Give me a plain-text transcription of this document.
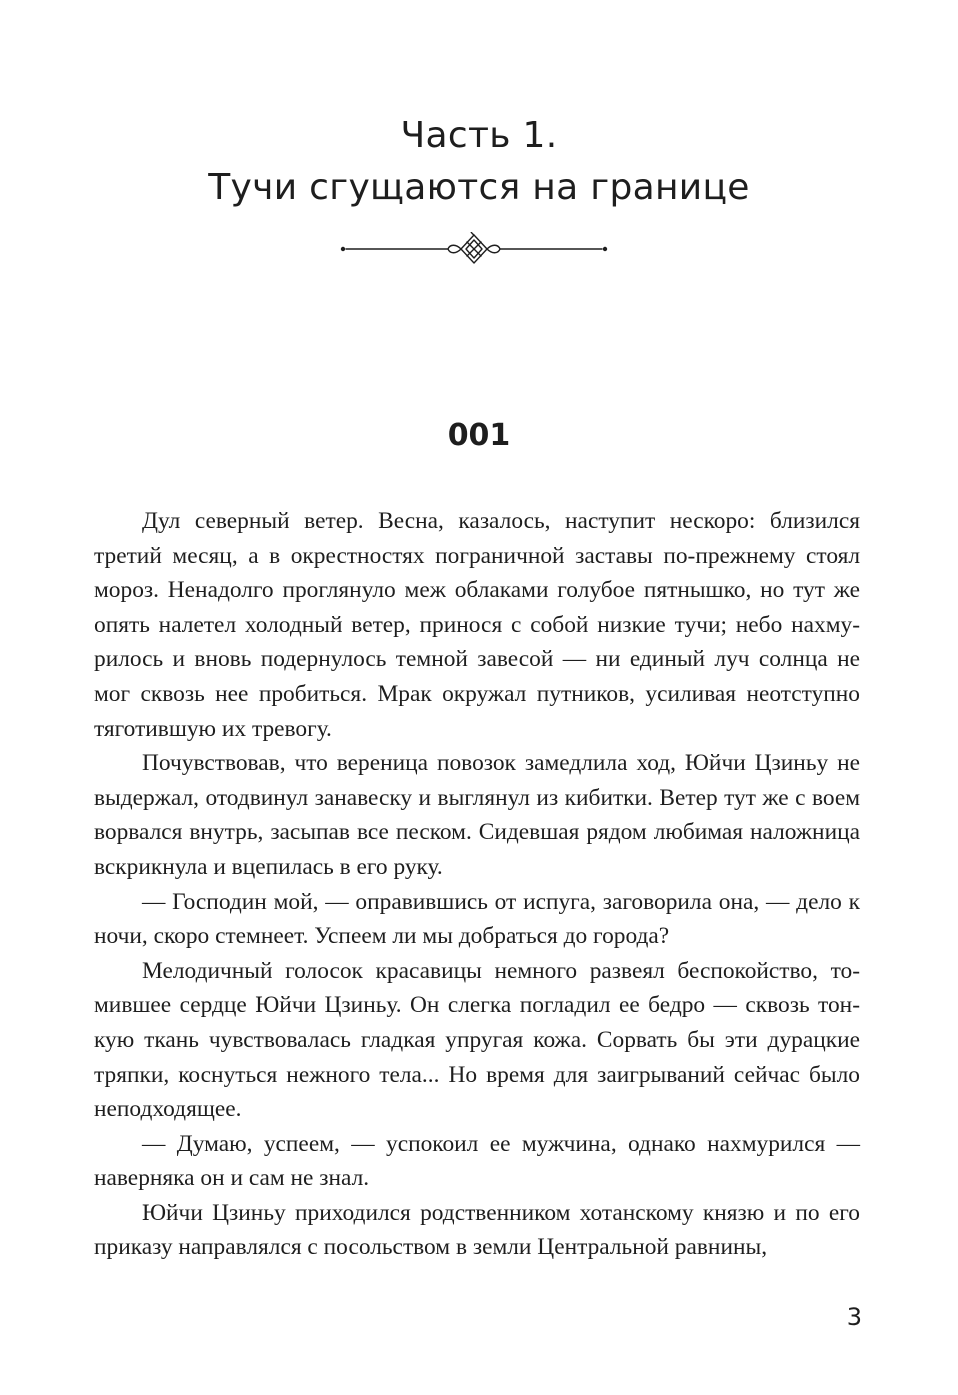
Часть 1.
Тучи сгущаются на границе
001

Дул северный ветер. Весна, казалось, наступит нескоро: близился третий месяц, а в окрестностях пограничной заставы по-прежнему стоял мороз. Ненадолго проглянуло меж облаками голубое пятнышко, но тут же опять налетел холодный ветер, принося с собой низкие тучи; небо нахмурилось и вновь подернулось темной завесой — ни единый луч солнца не мог сквозь нее пробиться. Мрак окружал путников, усиливая неотступно тяготившую их тревогу.

Почувствовав, что вереница повозок замедлила ход, Юйчи Цзиньу не выдержал, отодвинул занавеску и выглянул из кибитки. Ветер тут же с воем ворвался внутрь, засыпав все песком. Сидевшая рядом любимая наложница вскрикнула и вцепилась в его руку.

— Господин мой, — оправившись от испуга, заговорила она, — дело к ночи, скоро стемнеет. Успеем ли мы добраться до города?

Мелодичный голосок красавицы немного развеял беспокойство, томившее сердце Юйчи Цзиньу. Он слегка погладил ее бедро — сквозь тонкую ткань чувствовалась гладкая упругая кожа. Сорвать бы эти дурацкие тряпки, коснуться нежного тела... Но время для заигрываний сейчас было неподходящее.

— Думаю, успеем, — успокоил ее мужчина, однако нахмурился — наверняка он и сам не знал.

Юйчи Цзиньу приходился родственником хотанскому князю и по его приказу направлялся с посольством в земли Центральной равнины,

3
